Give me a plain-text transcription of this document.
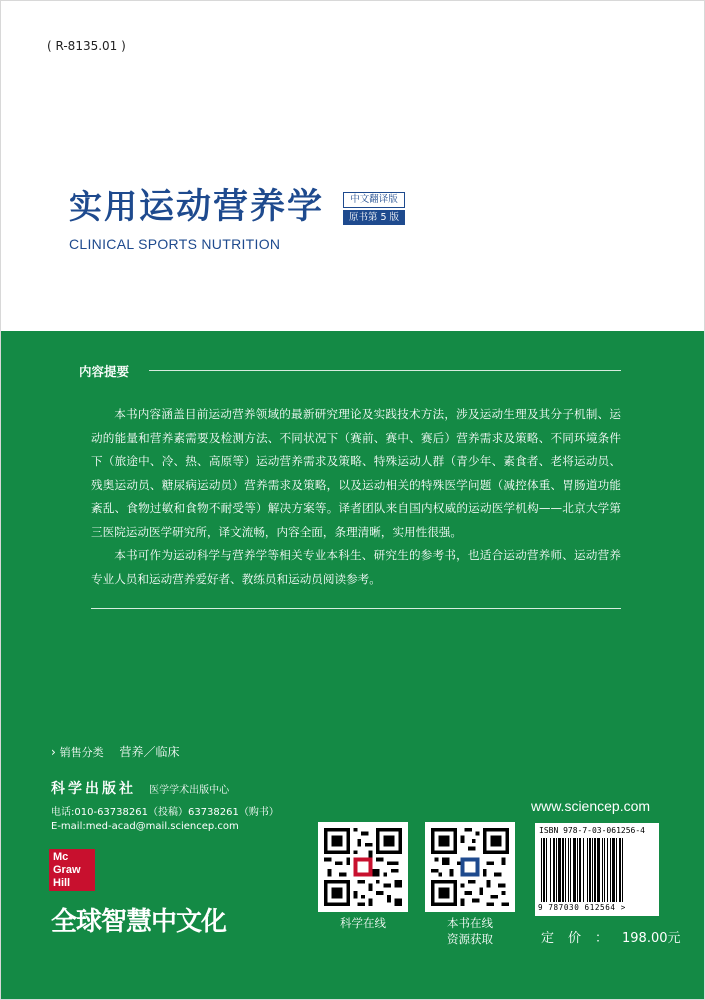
( R-8135.01 )
实用运动营养学	中文翻译版
原书第 5 版
CLINICAL SPORTS NUTRITION
内容提要

本书内容涵盖目前运动营养领域的最新研究理论及实践技术方法，涉及运动生理及其分子机制、运动的能量和营养素需要及检测方法、不同状况下（赛前、赛中、赛后）营养需求及策略、不同环境条件下（旅途中、冷、热、高原等）运动营养需求及策略、特殊运动人群（青少年、素食者、老将运动员、残奥运动员、糖尿病运动员）营养需求及策略，以及运动相关的特殊医学问题（减控体重、胃肠道功能紊乱、食物过敏和食物不耐受等）解决方案等。译者团队来自国内权威的运动医学机构——北京大学第三医院运动医学研究所，译文流畅，内容全面，条理清晰，实用性很强。

本书可作为运动科学与营养学等相关专业本科生、研究生的参考书，也适合运动营养师、运动营养专业人员和运动营养爱好者、教练员和运动员阅读参考。

› 销售分类 营养／临床
科学出版社 医学学术出版中心
电话:010-63738261（投稿）63738261（购书）
E-mail:med-acad@mail.sciencep.com
Mc
Graw
Hill
全球智慧中文化	科学在线	本书在线
资源获取
www.sciencep.com
ISBN 978-7-03-061256-4
9 787030 612564 >
定价：198.00元
